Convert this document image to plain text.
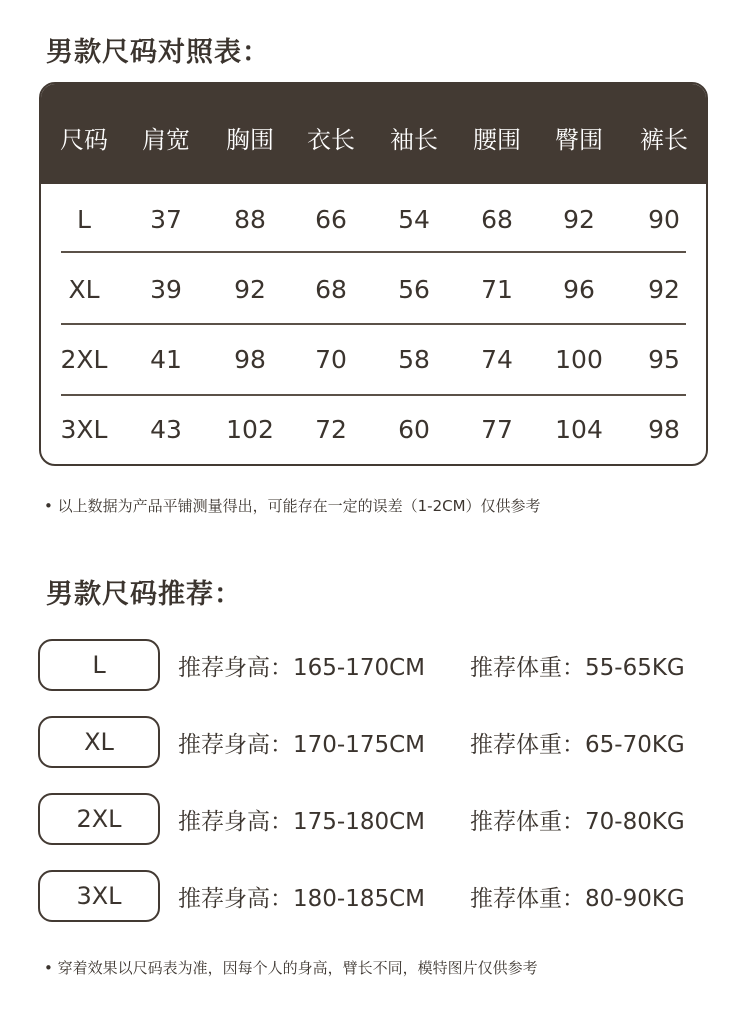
男款尺码对照表：
尺码	肩宽	胸围	衣长	袖长	腰围	臀围	裤长
L	37	88	66	54	68	92	90
XL	39	92	68	56	71	96	92
2XL	41	98	70	58	74	100	95
3XL	43	102	72	60	77	104	98
• 以上数据为产品平铺测量得出，可能存在一定的误差（1-2CM）仅供参考
男款尺码推荐：
L	推荐身高：165-170CM 推荐体重：55-65KG
XL	推荐身高：170-175CM 推荐体重：65-70KG
2XL	推荐身高：175-180CM 推荐体重：70-80KG
3XL	推荐身高：180-185CM 推荐体重：80-90KG
• 穿着效果以尺码表为准，因每个人的身高，臂长不同，模特图片仅供参考
